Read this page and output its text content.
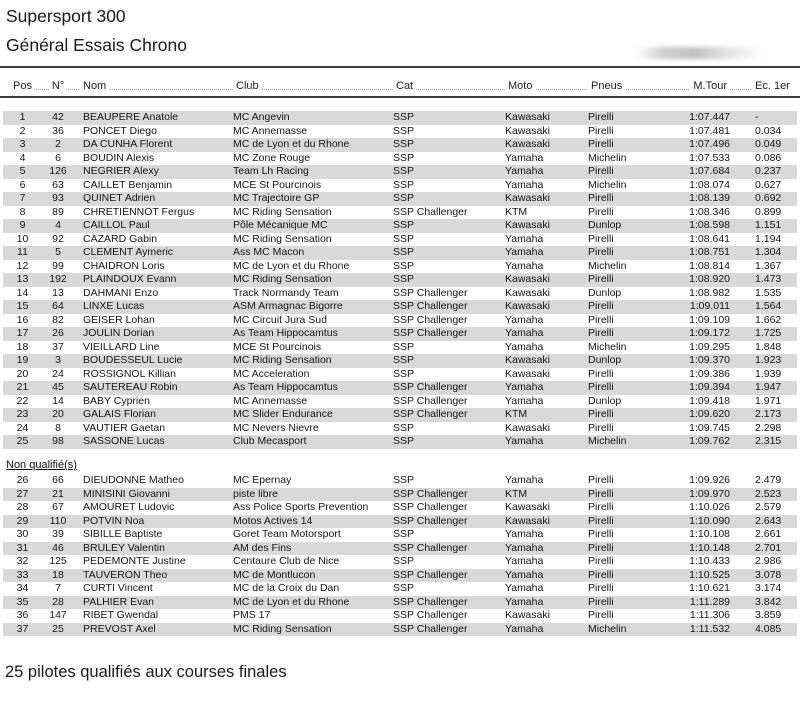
Supersport 300
Général Essais Chrono
Pos	N°	Nom	Club	Cat	Moto	Pneus	M.Tour	Ec. 1er
1	42	BEAUPERE Anatole	MC Angevin	SSP	Kawasaki	Pirelli	1:07.447	-
2	36	PONCET Diego	MC Annemasse	SSP	Kawasaki	Pirelli	1:07.481	0.034
3	2	DA CUNHA Florent	MC de Lyon et du Rhone	SSP	Kawasaki	Pirelli	1:07.496	0.049
4	6	BOUDIN Alexis	MC Zone Rouge	SSP	Yamaha	Michelin	1:07.533	0.086
5	126	NEGRIER Alexy	Team Lh Racing	SSP	Yamaha	Pirelli	1:07.684	0.237
6	63	CAILLET Benjamin	MCE St Pourcinois	SSP	Yamaha	Michelin	1:08.074	0.627
7	93	QUINET Adrien	MC Trajectoire GP	SSP	Kawasaki	Pirelli	1:08.139	0.692
8	89	CHRETIENNOT Fergus	MC Riding Sensation	SSP Challenger	KTM	Pirelli	1:08.346	0.899
9	4	CAILLOL Paul	Pôle Mécanique MC	SSP	Kawasaki	Dunlop	1:08.598	1.151
10	92	CAZARD Gabin	MC Riding Sensation	SSP	Yamaha	Pirelli	1:08.641	1.194
11	5	CLEMENT Aymeric	Ass MC Macon	SSP	Yamaha	Pirelli	1:08.751	1.304
12	99	CHAIDRON Loris	MC de Lyon et du Rhone	SSP	Yamaha	Michelin	1:08.814	1.367
13	192	PLAINDOUX Evann	MC Riding Sensation	SSP	Kawasaki	Pirelli	1:08.920	1.473
14	13	DAHMANI Enzo	Track Normandy Team	SSP Challenger	Kawasaki	Dunlop	1:08.982	1.535
15	64	LINXE Lucas	ASM Armagnac Bigorre	SSP Challenger	Kawasaki	Pirelli	1:09.011	1.564
16	82	GEISER Lohan	MC Circuit Jura Sud	SSP Challenger	Yamaha	Pirelli	1:09.109	1.662
17	26	JOULIN Dorian	As Team Hippocamtus	SSP Challenger	Yamaha	Pirelli	1:09.172	1.725
18	37	VIEILLARD Line	MCE St Pourcinois	SSP	Yamaha	Michelin	1:09.295	1.848
19	3	BOUDESSEUL Lucie	MC Riding Sensation	SSP	Kawasaki	Dunlop	1:09.370	1.923
20	24	ROSSIGNOL Killian	MC Acceleration	SSP	Kawasaki	Pirelli	1:09.386	1.939
21	45	SAUTEREAU Robin	As Team Hippocamtus	SSP Challenger	Yamaha	Pirelli	1:09.394	1.947
22	14	BABY Cyprien	MC Annemasse	SSP Challenger	Yamaha	Dunlop	1:09.418	1.971
23	20	GALAIS Florian	MC Slider Endurance	SSP Challenger	KTM	Pirelli	1:09.620	2.173
24	8	VAUTIER Gaetan	MC Nevers Nievre	SSP	Kawasaki	Pirelli	1:09.745	2.298
25	98	SASSONE Lucas	Club Mecasport	SSP	Yamaha	Michelin	1:09.762	2.315
Non qualifié(s)
26	66	DIEUDONNE Matheo	MC Epernay	SSP	Yamaha	Pirelli	1:09.926	2.479
27	21	MINISINI Giovanni	piste libre	SSP Challenger	KTM	Pirelli	1:09.970	2.523
28	67	AMOURET Ludovic	Ass Police Sports Prevention	SSP Challenger	Kawasaki	Pirelli	1:10.026	2.579
29	110	POTVIN Noa	Motos Actives 14	SSP Challenger	Kawasaki	Pirelli	1:10.090	2.643
30	39	SIBILLE Baptiste	Goret Team Motorsport	SSP	Yamaha	Pirelli	1:10.108	2.661
31	46	BRULEY Valentin	AM des Fins	SSP Challenger	Yamaha	Pirelli	1:10.148	2.701
32	125	PEDEMONTE Justine	Centaure Club de Nice	SSP	Yamaha	Pirelli	1:10.433	2.986
33	18	TAUVERON Theo	MC de Montlucon	SSP Challenger	Yamaha	Pirelli	1:10.525	3.078
34	7	CURTI Vincent	MC de la Croix du Dan	SSP	Yamaha	Pirelli	1:10.621	3.174
35	28	PALHIER Evan	MC de Lyon et du Rhone	SSP Challenger	Yamaha	Pirelli	1:11.289	3.842
36	147	RIBET Gwendal	PMS 17	SSP Challenger	Kawasaki	Pirelli	1:11.306	3.859
37	25	PREVOST Axel	MC Riding Sensation	SSP Challenger	Yamaha	Michelin	1:11.532	4.085
25 pilotes qualifiés aux courses finales
